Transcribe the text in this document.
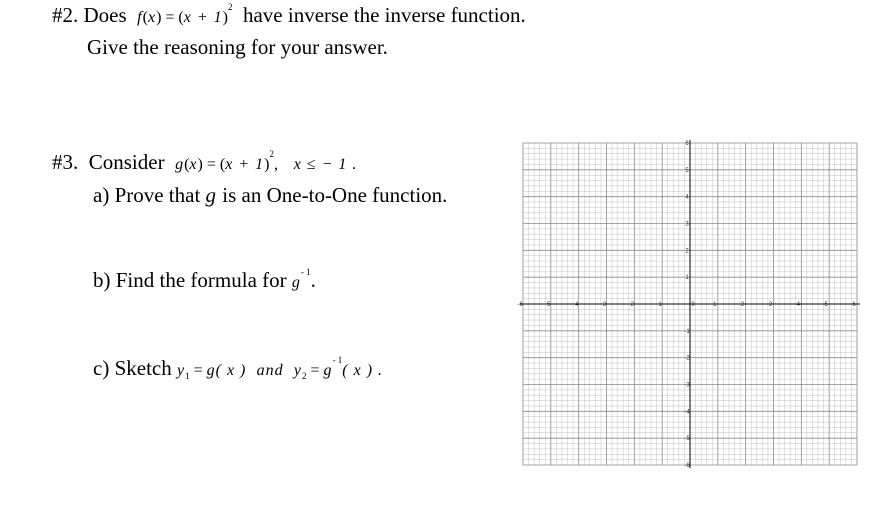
#2. Does $f(x) = (x + 1)^2$ have inverse the inverse function.
Give the reasoning for your answer.
#3. Consider $g(x) = (x + 1)^2$, x ≤ − 1 .
a) Prove that g is an One-to-One function.
b) Find the formula for $g^{- 1}$.
c) Sketch y1 = g( x )  and  $y2 = g^{- 1}$( x ) .
-6	-5	-4	-3	-2	-1	0	1	2	3	4	5	6
6
5
4
3
2
1
-1
-2
-3
-4
-5
-6
